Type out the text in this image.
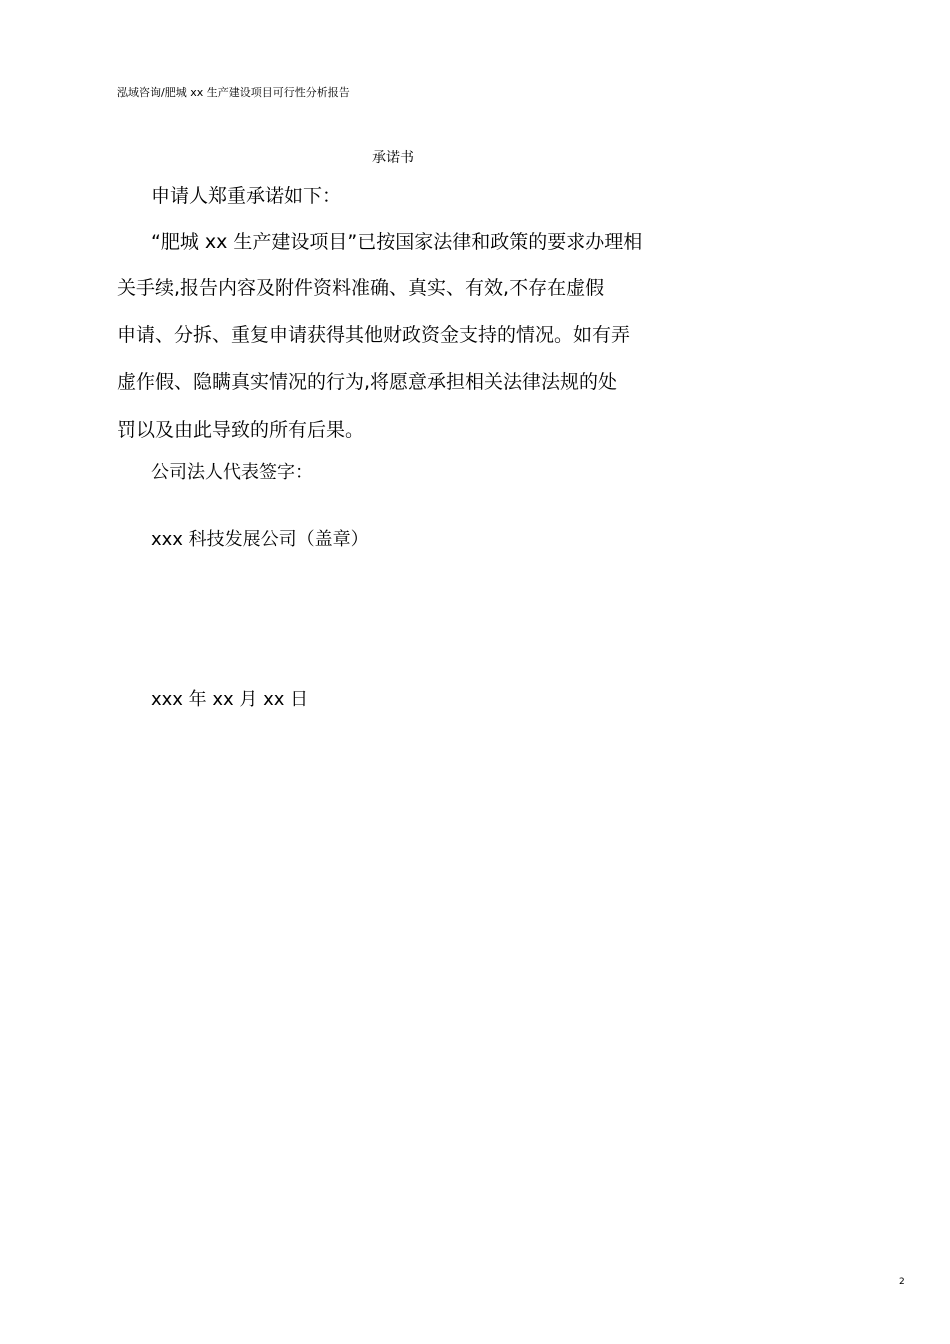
泓域咨询/肥城 xx 生产建设项目可行性分析报告
承诺书
申请人郑重承诺如下：
“肥城 xx 生产建设项目”已按国家法律和政策的要求办理相
关手续,报告内容及附件资料准确、真实、有效,不存在虚假
申请、分拆、重复申请获得其他财政资金支持的情况。如有弄
虚作假、隐瞒真实情况的行为,将愿意承担相关法律法规的处
罚以及由此导致的所有后果。
公司法人代表签字：
xxx 科技发展公司（盖章）
xxx 年 xx 月 xx 日
2
